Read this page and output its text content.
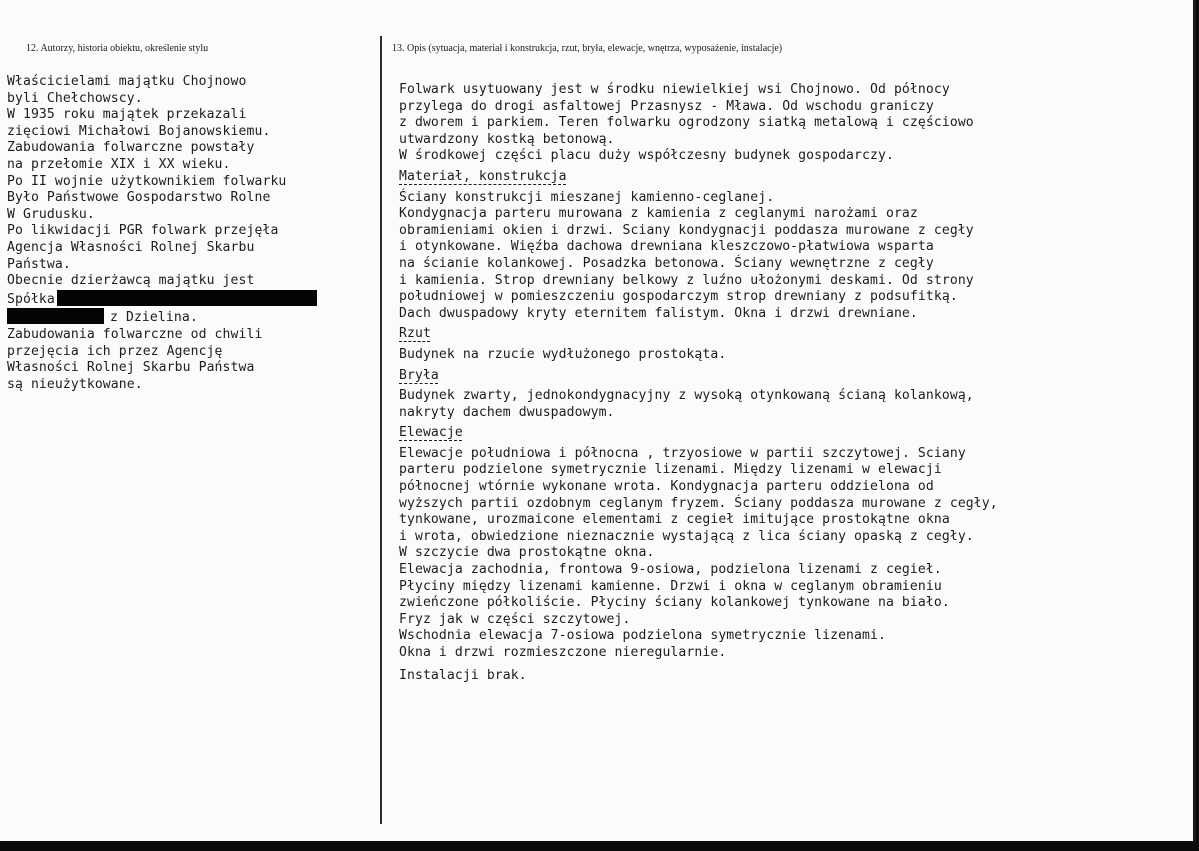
12. Autorzy, historia obiektu, określenie stylu	13. Opis (sytuacja, materiał i konstrukcja, rzut, bryła, elewacje, wnętrza, wyposażenie, instalacje)
Właścicielami majątku Chojnowo
byli Chełchowscy.
W 1935 roku majątek przekazali
zięciowi Michałowi Bojanowskiemu.
Zabudowania folwarczne powstały
na przełomie XIX i XX wieku.
Po II wojnie użytkownikiem folwarku
Było Państwowe Gospodarstwo Rolne
W Grudusku.
Po likwidacji PGR folwark przejęła
Agencja Własności Rolnej Skarbu
Państwa.
Obecnie dzierżawcą majątku jest
Spółka
z Dzielina.
Zabudowania folwarczne od chwili
przejęcia ich przez Agencję
Własności Rolnej Skarbu Państwa
są nieużytkowane.
Folwark usytuowany jest w środku niewielkiej wsi Chojnowo. Od północy
przylega do drogi asfaltowej Przasnysz - Mława. Od wschodu graniczy
z dworem i parkiem. Teren folwarku ogrodzony siatką metalową i częściowo
utwardzony kostką betonową.
W środkowej części placu duży współczesny budynek gospodarczy.
Materiał, konstrukcja
Ściany konstrukcji mieszanej kamienno-ceglanej.
Kondygnacja parteru murowana z kamienia z ceglanymi narożami oraz
obramieniami okien i drzwi. Sciany kondygnacji poddasza murowane z cegły
i otynkowane. Więźba dachowa drewniana kleszczowo-płatwiowa wsparta
na ścianie kolankowej. Posadzka betonowa. Ściany wewnętrzne z cegły
i kamienia. Strop drewniany belkowy z luźno ułożonymi deskami. Od strony
południowej w pomieszczeniu gospodarczym strop drewniany z podsufitką.
Dach dwuspadowy kryty eternitem falistym. Okna i drzwi drewniane.
Rzut
Budynek na rzucie wydłużonego prostokąta.
Bryła
Budynek zwarty, jednokondygnacyjny z wysoką otynkowaną ścianą kolankową,
nakryty dachem dwuspadowym.
Elewacje
Elewacje południowa i północna , trzyosiowe w partii szczytowej. Sciany
parteru podzielone symetrycznie lizenami. Między lizenami w elewacji
północnej wtórnie wykonane wrota. Kondygnacja parteru oddzielona od
wyższych partii ozdobnym ceglanym fryzem. Ściany poddasza murowane z cegły,
tynkowane, urozmaicone elementami z cegieł imitujące prostokątne okna
i wrota, obwiedzione nieznacznie wystającą z lica ściany opaską z cegły.
W szczycie dwa prostokątne okna.
Elewacja zachodnia, frontowa 9-osiowa, podzielona lizenami z cegieł.
Płyciny między lizenami kamienne. Drzwi i okna w ceglanym obramieniu
zwieńczone półkoliście. Płyciny ściany kolankowej tynkowane na biało.
Fryz jak w części szczytowej.
Wschodnia elewacja 7-osiowa podzielona symetrycznie lizenami.
Okna i drzwi rozmieszczone nieregularnie.
Instalacji brak.
